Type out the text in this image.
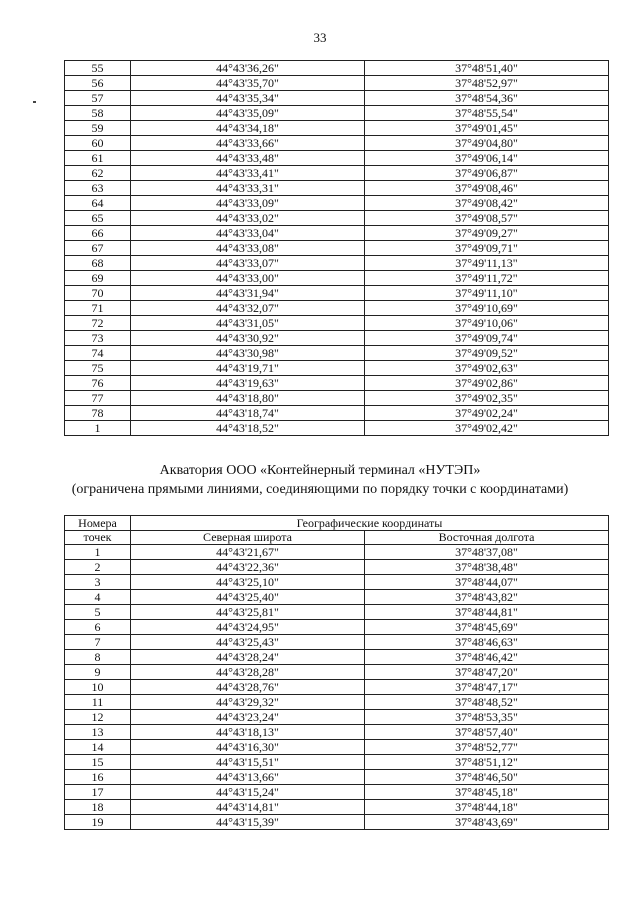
33
55	44°43'36,26"	37°48'51,40"
56	44°43'35,70"	37°48'52,97"
57	44°43'35,34"	37°48'54,36"
58	44°43'35,09"	37°48'55,54"
59	44°43'34,18"	37°49'01,45"
60	44°43'33,66"	37°49'04,80"
61	44°43'33,48"	37°49'06,14"
62	44°43'33,41"	37°49'06,87"
63	44°43'33,31"	37°49'08,46"
64	44°43'33,09"	37°49'08,42"
65	44°43'33,02"	37°49'08,57"
66	44°43'33,04"	37°49'09,27"
67	44°43'33,08"	37°49'09,71"
68	44°43'33,07"	37°49'11,13"
69	44°43'33,00"	37°49'11,72"
70	44°43'31,94"	37°49'11,10"
71	44°43'32,07"	37°49'10,69"
72	44°43'31,05"	37°49'10,06"
73	44°43'30,92"	37°49'09,74"
74	44°43'30,98"	37°49'09,52"
75	44°43'19,71"	37°49'02,63"
76	44°43'19,63"	37°49'02,86"
77	44°43'18,80"	37°49'02,35"
78	44°43'18,74"	37°49'02,24"
1	44°43'18,52"	37°49'02,42"
Акватория ООО «Контейнерный терминал «НУТЭП»
(ограничена прямыми линиями, соединяющими по порядку точки с координатами)
Номера	Географические координаты	
точек	Северная широта	Восточная долгота
1	44°43'21,67"	37°48'37,08"
2	44°43'22,36"	37°48'38,48"
3	44°43'25,10"	37°48'44,07"
4	44°43'25,40"	37°48'43,82"
5	44°43'25,81"	37°48'44,81"
6	44°43'24,95"	37°48'45,69"
7	44°43'25,43"	37°48'46,63"
8	44°43'28,24"	37°48'46,42"
9	44°43'28,28"	37°48'47,20"
10	44°43'28,76"	37°48'47,17"
11	44°43'29,32"	37°48'48,52"
12	44°43'23,24"	37°48'53,35"
13	44°43'18,13"	37°48'57,40"
14	44°43'16,30"	37°48'52,77"
15	44°43'15,51"	37°48'51,12"
16	44°43'13,66"	37°48'46,50"
17	44°43'15,24"	37°48'45,18"
18	44°43'14,81"	37°48'44,18"
19	44°43'15,39"	37°48'43,69"
